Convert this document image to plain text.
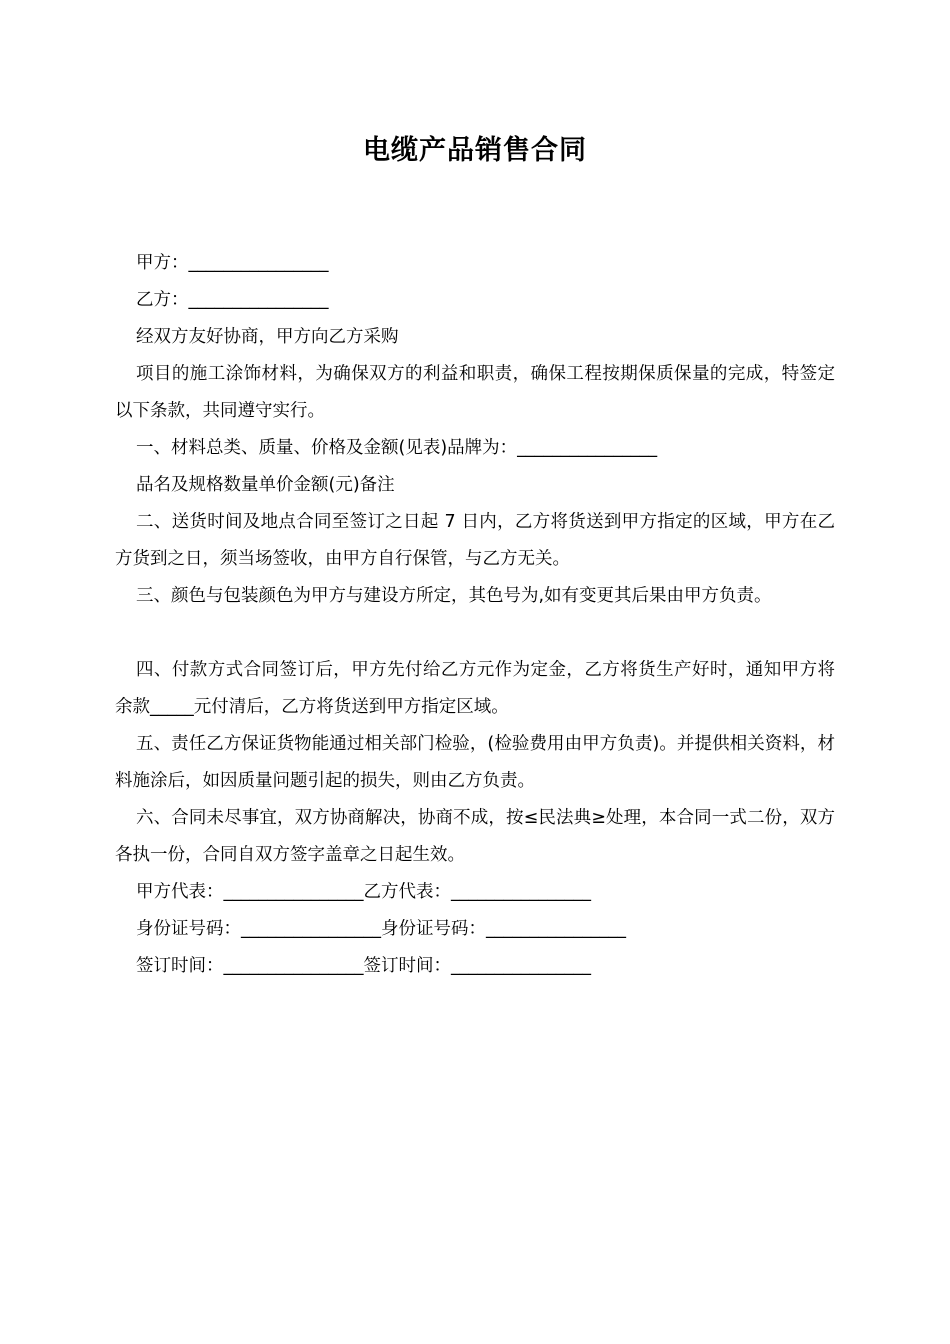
电缆产品销售合同

甲方：________________

乙方：________________

经双方友好协商，甲方向乙方采购

项目的施工涂饰材料，为确保双方的利益和职责，确保工程按期保质保量的完成，特签定以下条款，共同遵守实行。

一、材料总类、质量、价格及金额(见表)品牌为：________________

品名及规格数量单价金额(元)备注

二、送货时间及地点合同至签订之日起 7 日内，乙方将货送到甲方指定的区域，甲方在乙方货到之日，须当场签收，由甲方自行保管，与乙方无关。

三、颜色与包装颜色为甲方与建设方所定，其色号为,如有变更其后果由甲方负责。

四、付款方式合同签订后，甲方先付给乙方元作为定金，乙方将货生产好时，通知甲方将余款_____元付清后，乙方将货送到甲方指定区域。

五、责任乙方保证货物能通过相关部门检验，(检验费用由甲方负责)。并提供相关资料，材料施涂后，如因质量问题引起的损失，则由乙方负责。

六、合同未尽事宜，双方协商解决，协商不成，按≤民法典≥处理，本合同一式二份，双方各执一份，合同自双方签字盖章之日起生效。

甲方代表：________________乙方代表：________________

身份证号码：________________身份证号码：________________

签订时间：________________签订时间：________________
